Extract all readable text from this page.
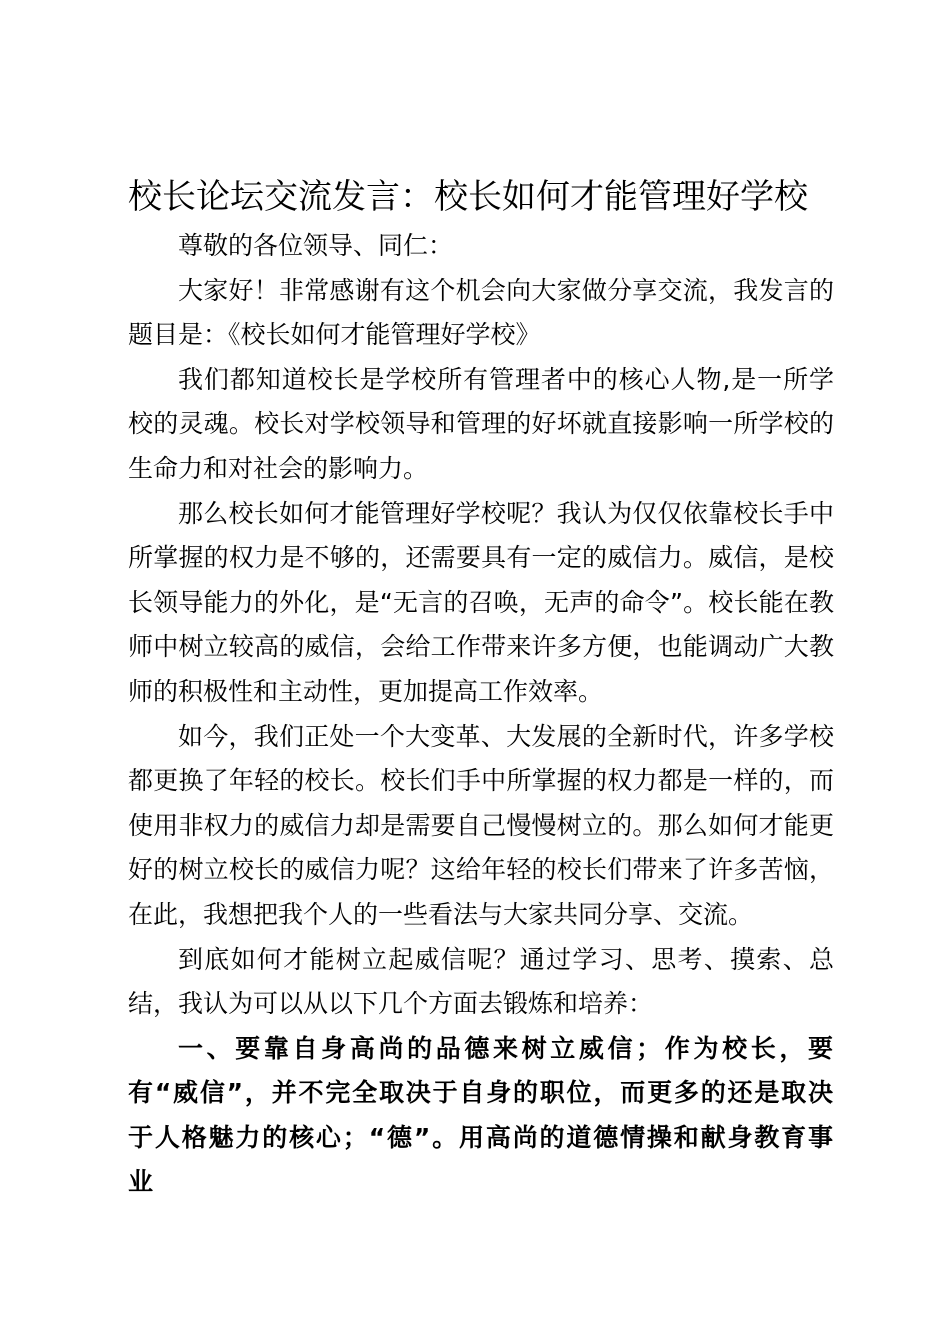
校长论坛交流发言：校长如何才能管理好学校

尊敬的各位领导、同仁：

大家好！非常感谢有这个机会向大家做分享交流，我发言的题目是：《校长如何才能管理好学校》

我们都知道校长是学校所有管理者中的核心人物,是一所学校的灵魂。校长对学校领导和管理的好坏就直接影响一所学校的生命力和对社会的影响力。

那么校长如何才能管理好学校呢？我认为仅仅依靠校长手中所掌握的权力是不够的，还需要具有一定的威信力。威信，是校长领导能力的外化，是“无言的召唤，无声的命令”。校长能在教师中树立较高的威信，会给工作带来许多方便，也能调动广大教师的积极性和主动性，更加提高工作效率。

如今，我们正处一个大变革、大发展的全新时代，许多学校都更换了年轻的校长。校长们手中所掌握的权力都是一样的，而使用非权力的威信力却是需要自己慢慢树立的。那么如何才能更好的树立校长的威信力呢？这给年轻的校长们带来了许多苦恼，在此，我想把我个人的一些看法与大家共同分享、交流。

到底如何才能树立起威信呢？通过学习、思考、摸索、总结，我认为可以从以下几个方面去锻炼和培养：

一、要靠自身高尚的品德来树立威信；作为校长，要有“威信”，并不完全取决于自身的职位，而更多的还是取决于人格魅力的核心；“德”。用高尚的道德情操和献身教育事业
